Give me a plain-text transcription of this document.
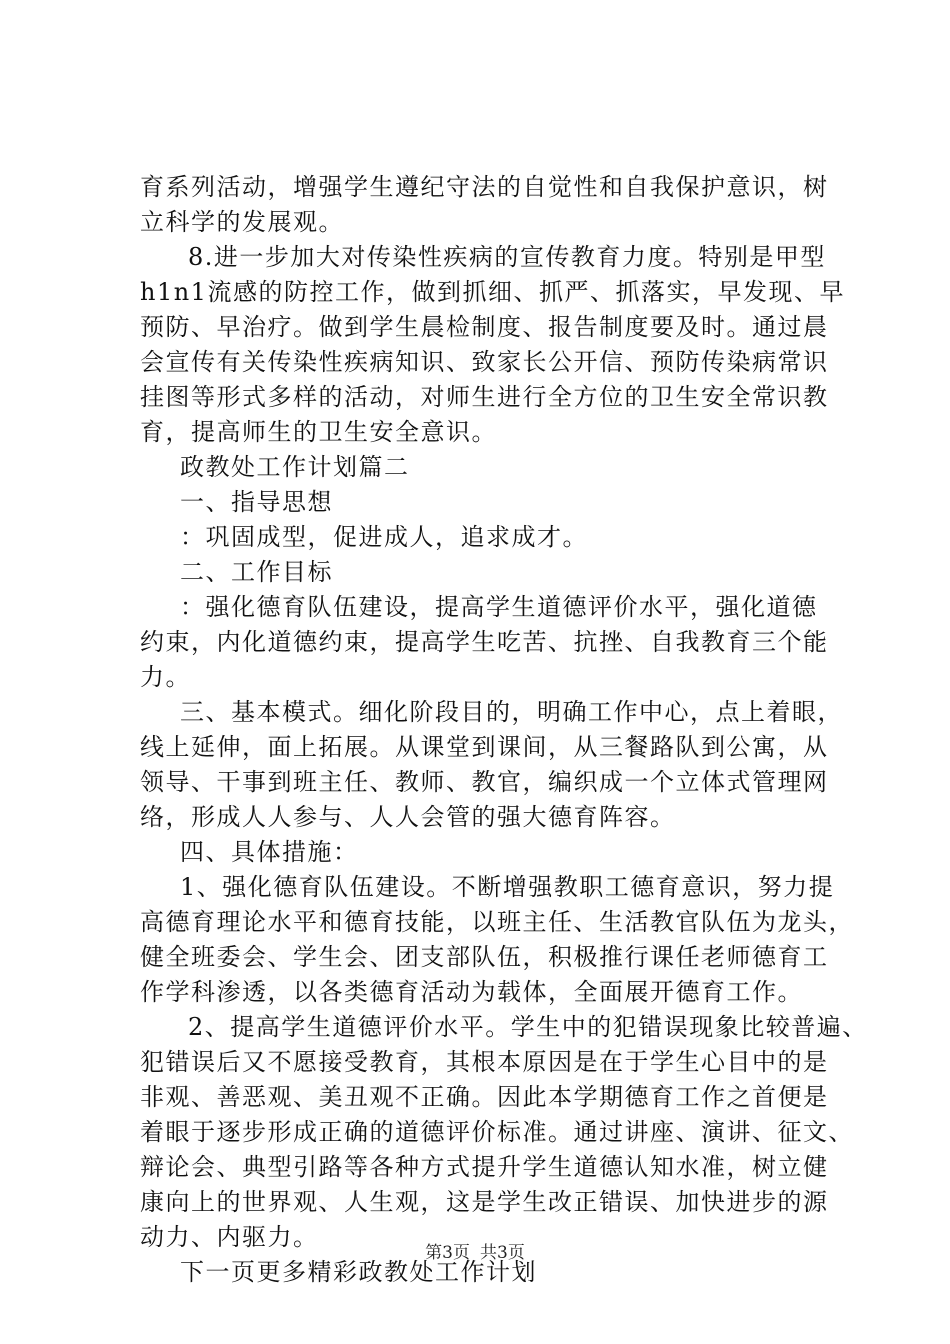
育系列活动，增强学生遵纪守法的自觉性和自我保护意识，树
立科学的发展观。
8.进一步加大对传染性疾病的宣传教育力度。特别是甲型
h1n1流感的防控工作，做到抓细、抓严、抓落实，早发现、早
预防、早治疗。做到学生晨检制度、报告制度要及时。通过晨
会宣传有关传染性疾病知识、致家长公开信、预防传染病常识
挂图等形式多样的活动，对师生进行全方位的卫生安全常识教
育，提高师生的卫生安全意识。
政教处工作计划篇二
一、指导思想
：巩固成型，促进成人，追求成才。
二、工作目标
：强化德育队伍建设，提高学生道德评价水平，强化道德
约束，内化道德约束，提高学生吃苦、抗挫、自我教育三个能
力。
三、基本模式。细化阶段目的，明确工作中心，点上着眼，
线上延伸，面上拓展。从课堂到课间，从三餐路队到公寓，从
领导、干事到班主任、教师、教官，编织成一个立体式管理网
络，形成人人参与、人人会管的强大德育阵容。
四、具体措施：
1、强化德育队伍建设。不断增强教职工德育意识，努力提
高德育理论水平和德育技能，以班主任、生活教官队伍为龙头，
健全班委会、学生会、团支部队伍，积极推行课任老师德育工
作学科渗透，以各类德育活动为载体，全面展开德育工作。
2、提高学生道德评价水平。学生中的犯错误现象比较普遍、
犯错误后又不愿接受教育，其根本原因是在于学生心目中的是
非观、善恶观、美丑观不正确。因此本学期德育工作之首便是
着眼于逐步形成正确的道德评价标准。通过讲座、演讲、征文、
辩论会、典型引路等各种方式提升学生道德认知水准，树立健
康向上的世界观、人生观，这是学生改正错误、加快进步的源
动力、内驱力。
下一页更多精彩政教处工作计划
第3页 共3页
